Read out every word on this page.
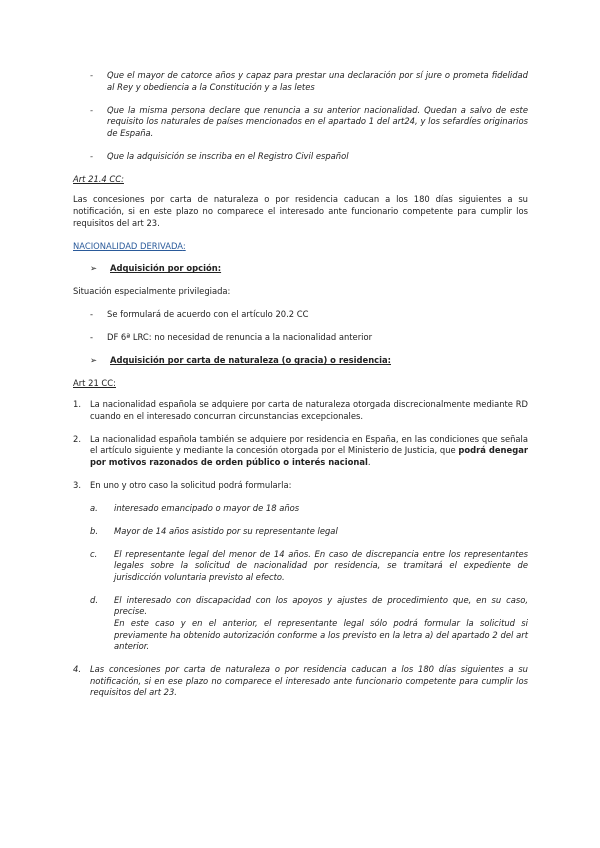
-	Que el mayor de catorce años y capaz para prestar una declaración por sí jure o prometa fidelidad al Rey y obediencia a la Constitución y a las letes
-	Que la misma persona declare que renuncia a su anterior nacionalidad. Quedan a salvo de este requisito los naturales de países mencionados en el apartado 1 del art24, y los sefardíes originarios de España.
-	Que la adquisición se inscriba en el Registro Civil español
Art 21.4 CC:
Las concesiones por carta de naturaleza o por residencia caducan a los 180 días siguientes a su notificación, si en este plazo no comparece el interesado ante funcionario competente para cumplir los requisitos del art 23.
NACIONALIDAD DERIVADA:
➢	Adquisición por opción:
Situación especialmente privilegiada:
-	Se formulará de acuerdo con el artículo 20.2 CC
-	DF 6ª LRC: no necesidad de renuncia a la nacionalidad anterior
➢	Adquisición por carta de naturaleza (o gracia) o residencia:
Art 21 CC:
1.	La nacionalidad española se adquiere por carta de naturaleza otorgada discrecionalmente mediante RD cuando en el interesado concurran circunstancias excepcionales.
2.	La nacionalidad española también se adquiere por residencia en España, en las condiciones que señala el artículo siguiente y mediante la concesión otorgada por el Ministerio de Justicia, que podrá denegar por motivos razonados de orden público o interés nacional.
3.	En uno y otro caso la solicitud podrá formularla:
a.	interesado emancipado o mayor de 18 años
b.	Mayor de 14 años asistido por su representante legal
c.	El representante legal del menor de 14 años. En caso de discrepancia entre los representantes legales sobre la solicitud de nacionalidad por residencia, se tramitará el expediente de jurisdicción voluntaria previsto al efecto.
d.	El interesado con discapacidad con los apoyos y ajustes de procedimiento que, en su caso, precise.
En este caso y en el anterior, el representante legal sólo podrá formular la solicitud si previamente ha obtenido autorización conforme a los previsto en la letra a) del apartado 2 del art anterior.
4.	Las concesiones por carta de naturaleza o por residencia caducan a los 180 días siguientes a su notificación, si en ese plazo no comparece el interesado ante funcionario competente para cumplir los requisitos del art 23.
